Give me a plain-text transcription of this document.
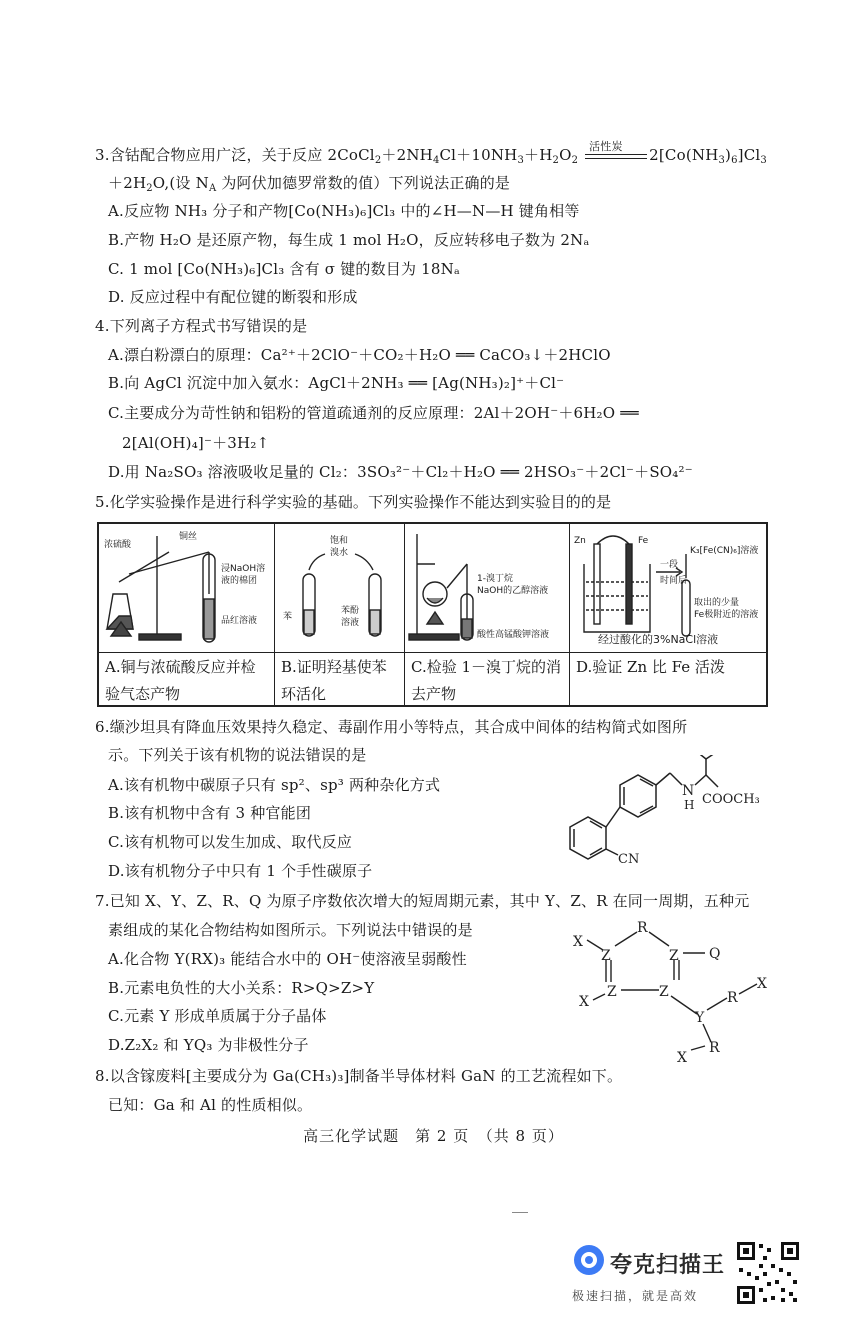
3.含钴配合物应用广泛，关于反应 $2CoCl_2+2NH_4Cl+10NH_3+H_2O_2$
活性炭 $2[Co(NH_3)_6]Cl_3$
$+2H_2O$,(设 $N_A$ 为阿伏加德罗常数的值）下列说法正确的是
A.反应物 NH₃ 分子和产物[Co(NH₃)₆]Cl₃ 中的∠H—N—H 键角相等
B.产物 H₂O 是还原产物，每生成 1 mol H₂O，反应转移电子数为 2Nₐ
C. 1 mol [Co(NH₃)₆]Cl₃ 含有 σ 键的数目为 18Nₐ
D. 反应过程中有配位键的断裂和形成
4.下列离子方程式书写错误的是
A.漂白粉漂白的原理：Ca²⁺＋2ClO⁻＋CO₂＋H₂O ══ CaCO₃↓＋2HClO
B.向 AgCl 沉淀中加入氨水：AgCl＋2NH₃ ══ [Ag(NH₃)₂]⁺＋Cl⁻
C.主要成分为苛性钠和铝粉的管道疏通剂的反应原理：2Al＋2OH⁻＋6H₂O ══
2[Al(OH)₄]⁻＋3H₂↑
D.用 Na₂SO₃ 溶液吸收足量的 Cl₂：3SO₃²⁻＋Cl₂＋H₂O ══ 2HSO₃⁻＋2Cl⁻＋SO₄²⁻
5.化学实验操作是进行科学实验的基础。下列实验操作不能达到实验目的的是
浓硫酸
铜丝
浸NaOH溶
液的棉团
品红溶液
A.铜与浓硫酸反应并检验气态产物
饱和
溴水
苯
苯酚
溶液
B.证明羟基使苯环活化
1-溴丁烷
NaOH的乙醇溶液
酸性高锰酸钾溶液
C.检验 1－溴丁烷的消去产物
Zn	Fe
K₃[Fe(CN)₆]溶液
一段
时间后
取出的少量
Fe极附近的溶液
经过酸化的3%NaCl溶液
D.验证 Zn 比 Fe 活泼
6.缬沙坦具有降血压效果持久稳定、毒副作用小等特点，其合成中间体的结构简式如图所
示。下列关于该有机物的说法错误的是
A.该有机物中碳原子只有 sp²、sp³ 两种杂化方式
B.该有机物中含有 3 种官能团
C.该有机物可以发生加成、取代反应
D.该有机物分子中只有 1 个手性碳原子
N
H COOCH₃
CN
7.已知 X、Y、Z、R、Q 为原子序数依次增大的短周期元素，其中 Y、Z、R 在同一周期，五种元
素组成的某化合物结构如图所示。下列说法中错误的是
A.化合物 Y(RX)₃ 能结合水中的 OH⁻使溶液呈弱酸性
B.元素电负性的大小关系：R>Q>Z>Y
C.元素 Y 形成单质属于分子晶体
D.Z₂X₂ 和 YQ₃ 为非极性分子
X
Z
R
Z Q
X
Z	Z
Y
R
X
R
X
8.以含镓废料[主要成分为 Ga(CH₃)₃]制备半导体材料 GaN 的工艺流程如下。
已知：Ga 和 Al 的性质相似。
高三化学试题　第 2 页　（共 8 页）
夸克扫描王
极速扫描，就是高效
